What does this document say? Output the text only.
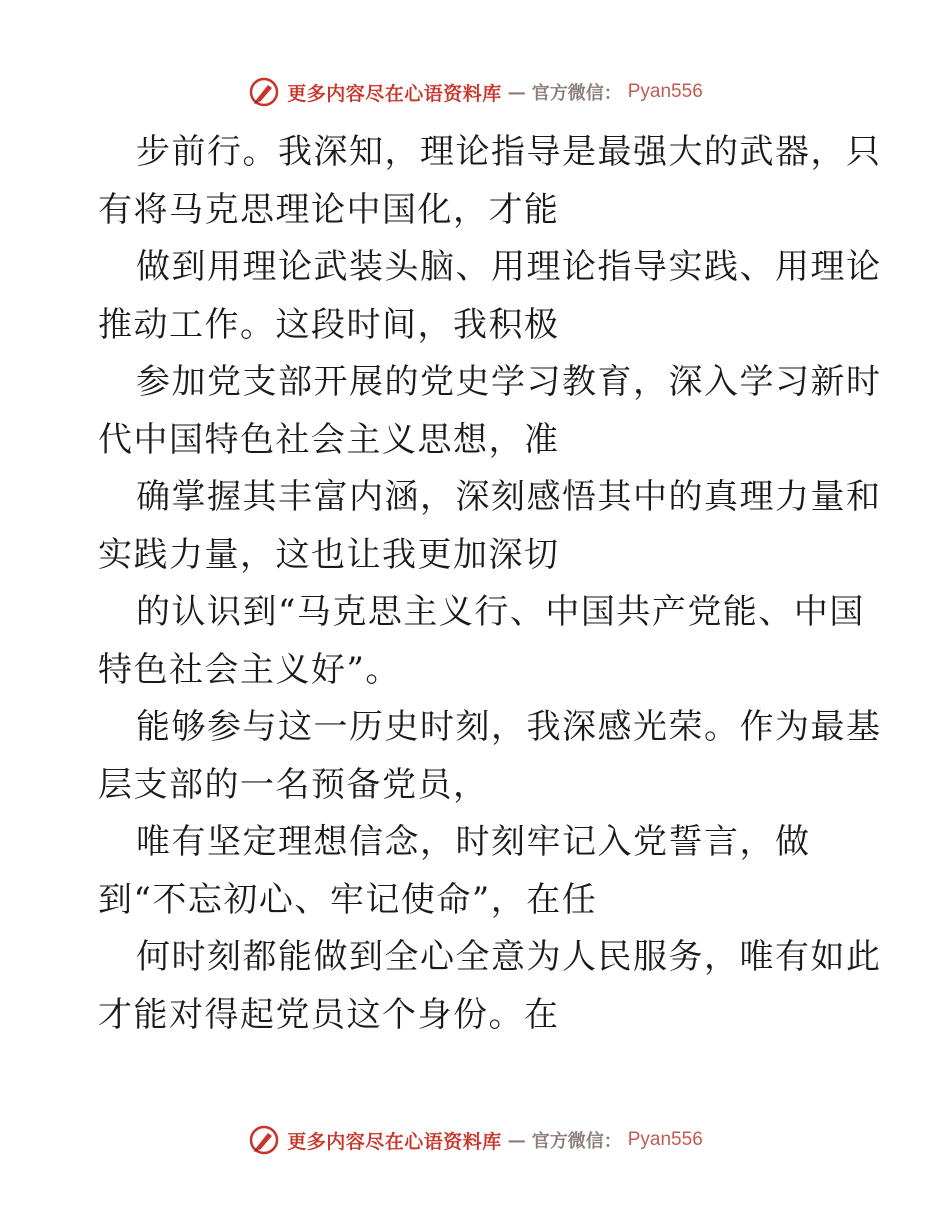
更多内容尽在心语资料库 — 官方微信： Pyan556
步前行。我深知，理论指导是最强大的武器，只
有将马克思理论中国化，才能
做到用理论武装头脑、用理论指导实践、用理论
推动工作。这段时间，我积极
参加党支部开展的党史学习教育，深入学习新时
代中国特色社会主义思想，准
确掌握其丰富内涵，深刻感悟其中的真理力量和
实践力量，这也让我更加深切
的认识到“马克思主义行、中国共产党能、中国
特色社会主义好”。
能够参与这一历史时刻，我深感光荣。作为最基
层支部的一名预备党员，
唯有坚定理想信念，时刻牢记入党誓言，做
到“不忘初心、牢记使命”，在任
何时刻都能做到全心全意为人民服务，唯有如此
才能对得起党员这个身份。在
更多内容尽在心语资料库 — 官方微信： Pyan556
